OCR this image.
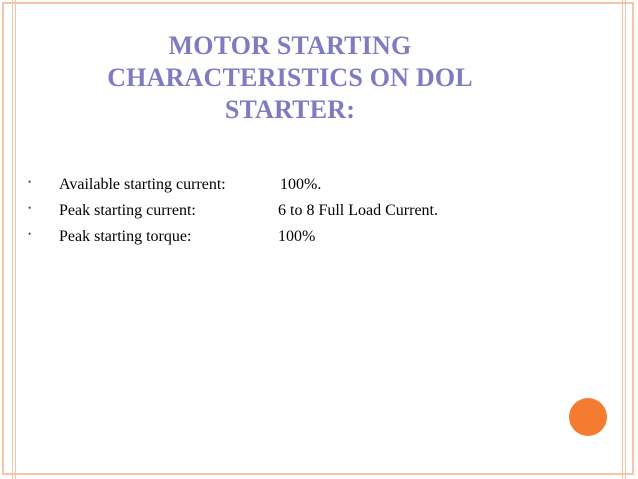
MOTOR STARTING
CHARACTERISTICS ON DOL
STARTER:
• Available starting current:	100%.
• Peak starting current:	6 to 8 Full Load Current.
• Peak starting torque:	100%
